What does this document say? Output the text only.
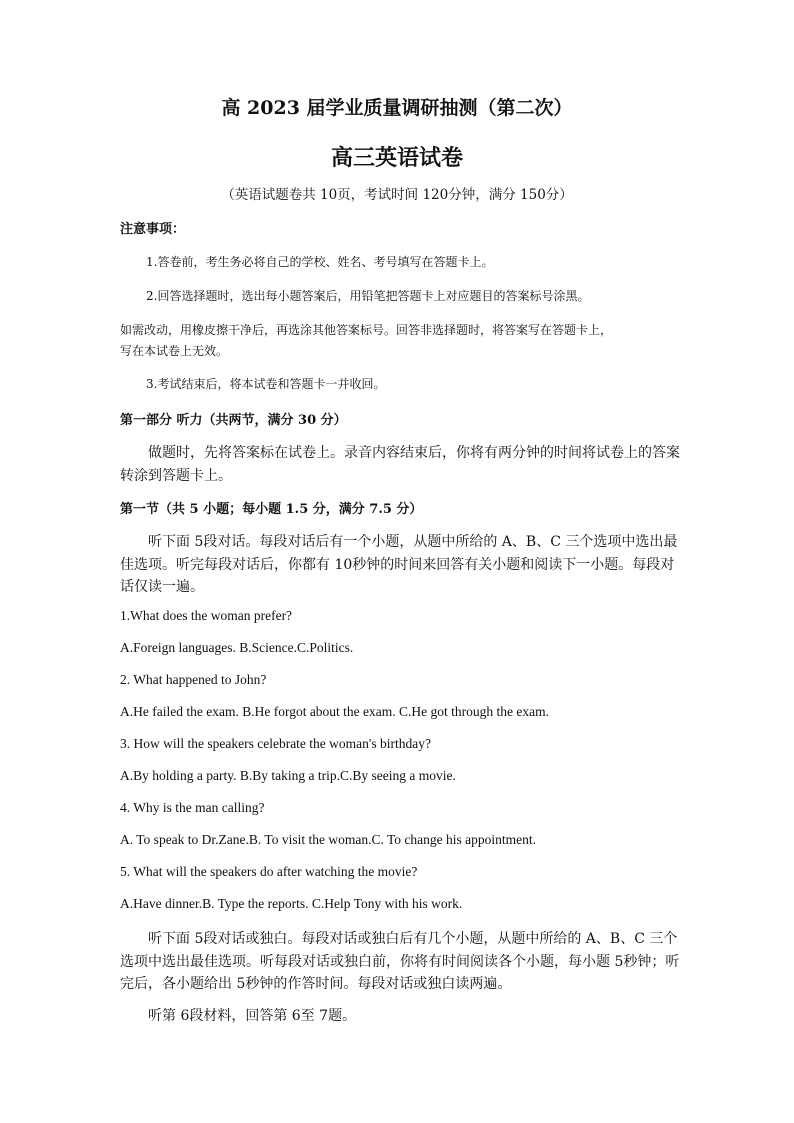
高 2023 届学业质量调研抽测（第二次）
高三英语试卷
（英语试题卷共 10页，考试时间 120分钟，满分 150分）
注意事项：
1.答卷前，考生务必将自己的学校、姓名、考号填写在答题卡上。
2.回答选择题时，选出每小题答案后，用铅笔把答题卡上对应题目的答案标号涂黑。
如需改动，用橡皮擦干净后，再选涂其他答案标号。回答非选择题时，将答案写在答题卡上，
写在本试卷上无效。
3.考试结束后，将本试卷和答题卡一并收回。
第一部分 听力（共两节，满分 30 分）
做题时，先将答案标在试卷上。录音内容结束后，你将有两分钟的时间将试卷上的答案
转涂到答题卡上。
第一节（共 5 小题；每小题 1.5 分，满分 7.5 分）
听下面 5段对话。每段对话后有一个小题，从题中所给的 A、B、C 三个选项中选出最
佳选项。听完每段对话后，你都有 10秒钟的时间来回答有关小题和阅读下一小题。每段对
话仅读一遍。
1.What does the woman prefer?
A.Foreign languages. B.Science.C.Politics.
2. What happened to John?
A.He failed the exam. B.He forgot about the exam. C.He got through the exam.
3. How will the speakers celebrate the woman's birthday?
A.By holding a party. B.By taking a trip.C.By seeing a movie.
4. Why is the man calling?
A. To speak to Dr.Zane.B. To visit the woman.C. To change his appointment.
5. What will the speakers do after watching the movie?
A.Have dinner.B. Type the reports. C.Help Tony with his work.
听下面 5段对话或独白。每段对话或独白后有几个小题，从题中所给的 A、B、C 三个
选项中选出最佳选项。听每段对话或独白前，你将有时间阅读各个小题，每小题 5秒钟；听
完后，各小题给出 5秒钟的作答时间。每段对话或独白读两遍。
听第 6段材料，回答第 6至 7题。
